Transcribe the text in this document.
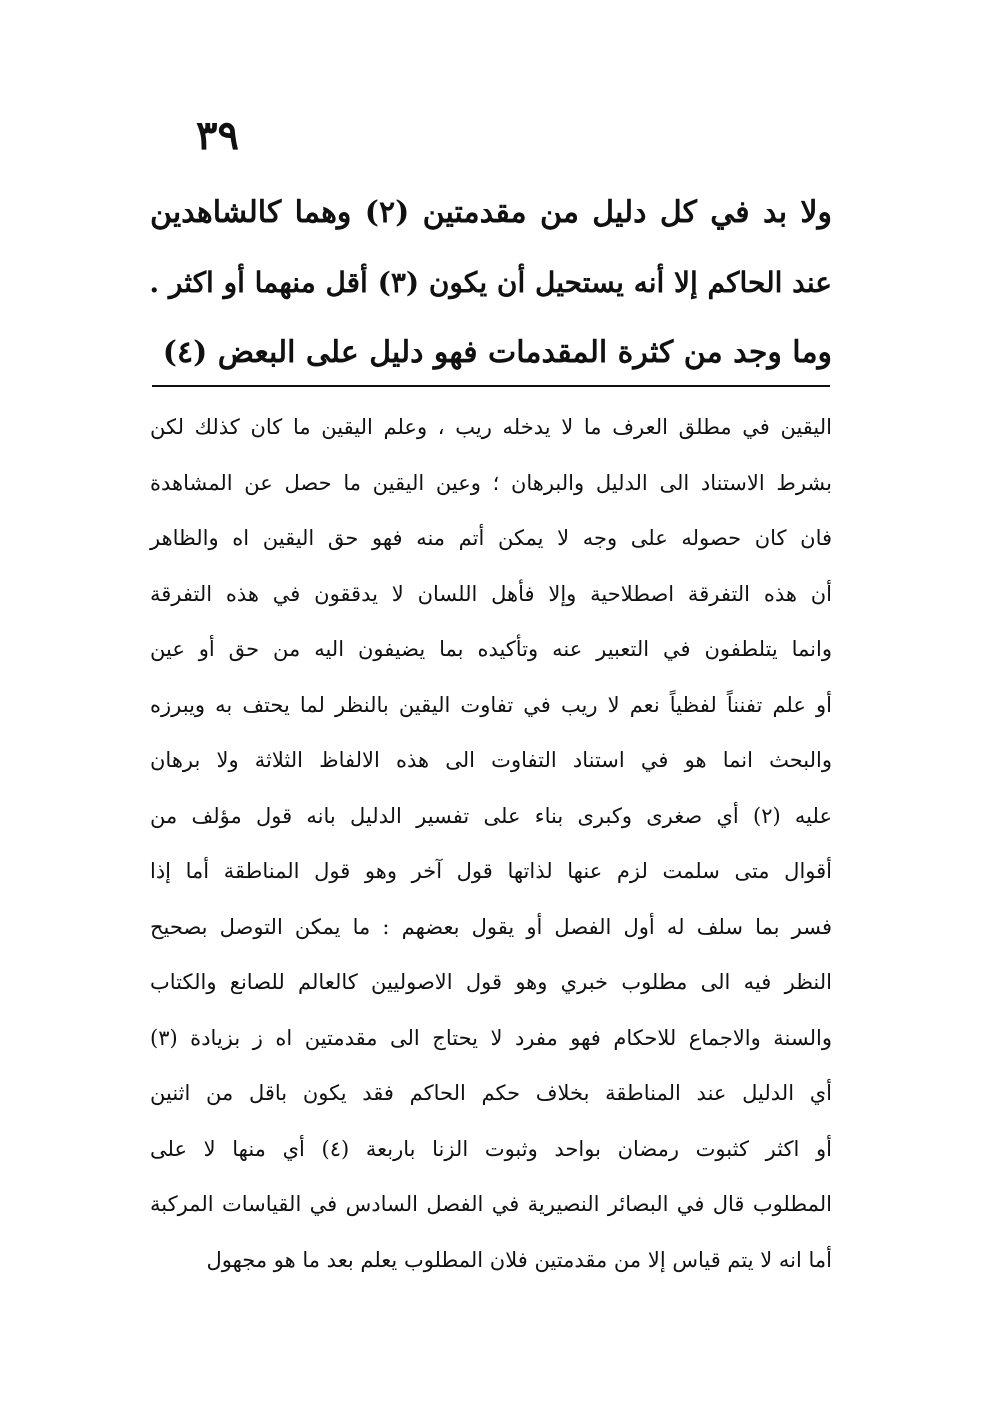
٣٩
ولا بد في كل دليل من مقدمتين (٢) وهما كالشاهدين
عند الحاكم إلا أنه يستحيل أن يكون (٣) أقل منهما أو اكثر .
وما وجد من كثرة المقدمات فهو دليل على البعض (٤)
اليقين في مطلق العرف ما لا يدخله ريب ، وعلم اليقين ما كان كذلك لكن
بشرط الاستناد الى الدليل والبرهان ؛ وعين اليقين ما حصل عن المشاهدة
فان كان حصوله على وجه لا يمكن أتم منه فهو حق اليقين اه والظاهر
أن هذه التفرقة اصطلاحية وإلا فأهل اللسان لا يدققون في هذه التفرقة
وانما يتلطفون في التعبير عنه وتأكيده بما يضيفون اليه من حق أو عين
أو علم تفنناً لفظياً نعم لا ريب في تفاوت اليقين بالنظر لما يحتف به ويبرزه
والبحث انما هو في استناد التفاوت الى هذه الالفاظ الثلاثة ولا برهان
عليه (٢) أي صغرى وكبرى بناء على تفسير الدليل بانه قول مؤلف من
أقوال متى سلمت لزم عنها لذاتها قول آخر وهو قول المناطقة أما إذا
فسر بما سلف له أول الفصل أو يقول بعضهم : ما يمكن التوصل بصحيح
النظر فيه الى مطلوب خبري وهو قول الاصوليين كالعالم للصانع والكتاب
والسنة والاجماع للاحكام فهو مفرد لا يحتاج الى مقدمتين اه ز بزيادة (٣)
أي الدليل عند المناطقة بخلاف حكم الحاكم فقد يكون باقل من اثنين
أو اكثر كثبوت رمضان بواحد وثبوت الزنا باربعة (٤) أي منها لا على
المطلوب قال في البصائر النصيرية في الفصل السادس في القياسات المركبة
أما انه لا يتم قياس إلا من مقدمتين فلان المطلوب يعلم بعد ما هو مجهول
